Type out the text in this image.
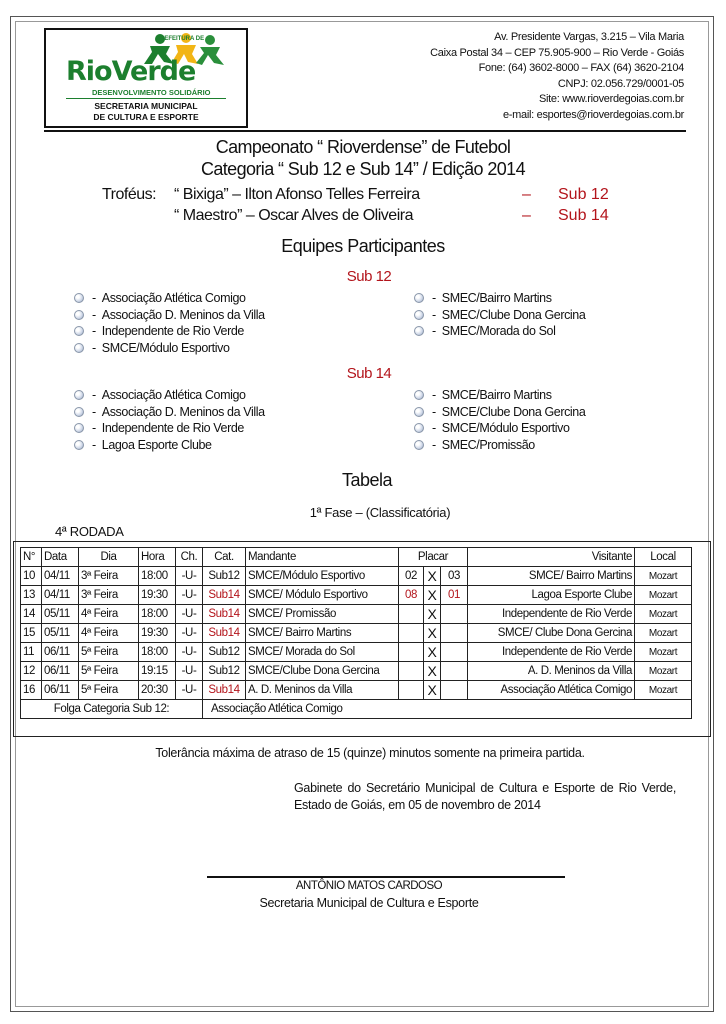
PREFEITURA DE
RioVerde
DESENVOLVIMENTO SOLIDÁRIO
SECRETARIA MUNICIPAL
DE CULTURA E ESPORTE
Av. Presidente Vargas, 3.215 – Vila Maria
Caixa Postal 34 – CEP 75.905-900 – Rio Verde - Goiás
Fone: (64) 3602-8000 – FAX (64) 3620-2104
CNPJ: 02.056.729/0001-05
Site: www.rioverdegoias.com.br
e-mail: esportes@rioverdegoias.com.br
Campeonato “ Rioverdense” de Futebol
Categoria “ Sub 12 e Sub 14” / Edição 2014
Troféus: “ Bixiga” – Ilton Afonso Telles Ferreira	– Sub 12
“ Maestro” – Oscar Alves de Oliveira	– Sub 14
Equipes Participantes
Sub 12
- Associação Atlética Comigo
- Associação D. Meninos da Villa
- Independente de Rio Verde
- SMCE/Módulo Esportivo
- SMEC/Bairro Martins
- SMEC/Clube Dona Gercina
- SMEC/Morada do Sol
Sub 14
- Associação Atlética Comigo
- Associação D. Meninos da Villa
- Independente de Rio Verde
- Lagoa Esporte Clube
- SMCE/Bairro Martins
- SMCE/Clube Dona Gercina
- SMCE/Módulo Esportivo
- SMEC/Promissão
Tabela
1ª Fase – (Classificatória)
4ª RODADA
N°	Data	Dia	Hora	Ch.	Cat.	Mandante	Placar			Visitante	Local
10	04/11	3ª Feira	18:00	-U-	Sub12	SMCE/Módulo Esportivo	02	X	03	SMCE/ Bairro Martins	Mozart
13	04/11	3ª Feira	19:30	-U-	Sub14	SMCE/ Módulo Esportivo	08	X	01	Lagoa Esporte Clube	Mozart
14	05/11	4ª Feira	18:00	-U-	Sub14	SMCE/ Promissão		X		Independente de Rio Verde	Mozart
15	05/11	4ª Feira	19:30	-U-	Sub14	SMCE/ Bairro Martins		X		SMCE/ Clube Dona Gercina	Mozart
11	06/11	5ª Feira	18:00	-U-	Sub12	SMCE/ Morada do Sol		X		Independente de Rio Verde	Mozart
12	06/11	5ª Feira	19:15	-U-	Sub12	SMCE/Clube Dona Gercina		X		A. D. Meninos da Villa	Mozart
16	06/11	5ª Feira	20:30	-U-	Sub14	A. D. Meninos da Villa		X		Associação Atlética Comigo	Mozart
Folga Categoria Sub 12:					Associação Atlética Comigo						
Tolerância máxima de atraso de 15 (quinze) minutos somente na primeira partida.
Gabinete do Secretário Municipal de Cultura e Esporte de Rio Verde, Estado de Goiás, em 05 de novembro de 2014
ANTÔNIO MATOS CARDOSO
Secretaria Municipal de Cultura e Esporte
